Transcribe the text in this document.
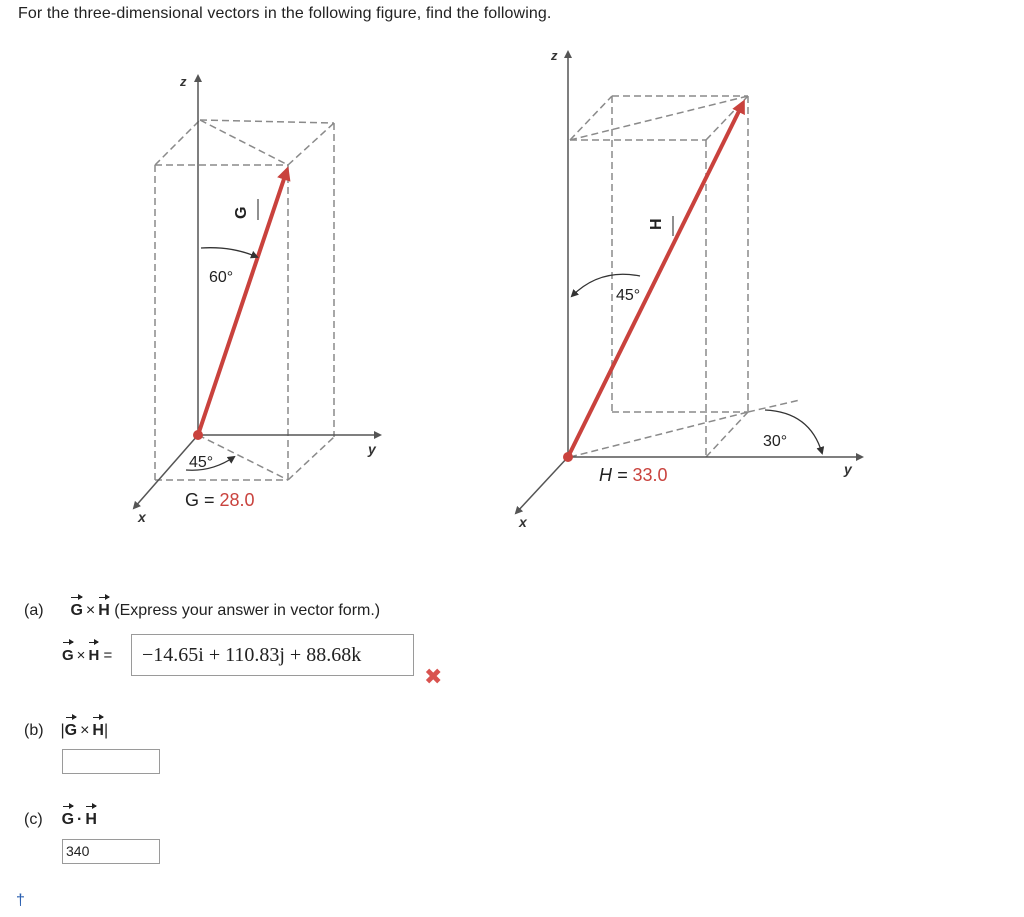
For the three-dimensional vectors in the following figure, find the following.
z
x
y
G
60°
45°
G = 28.0
z
x
y
H
45°
30°
H = 33.0
(a) G × H (Express your answer in vector form.)
G × H =	−14.65i + 110.83j + 88.68k
✖
(b) |G × H|
(c) G · H
340
†
